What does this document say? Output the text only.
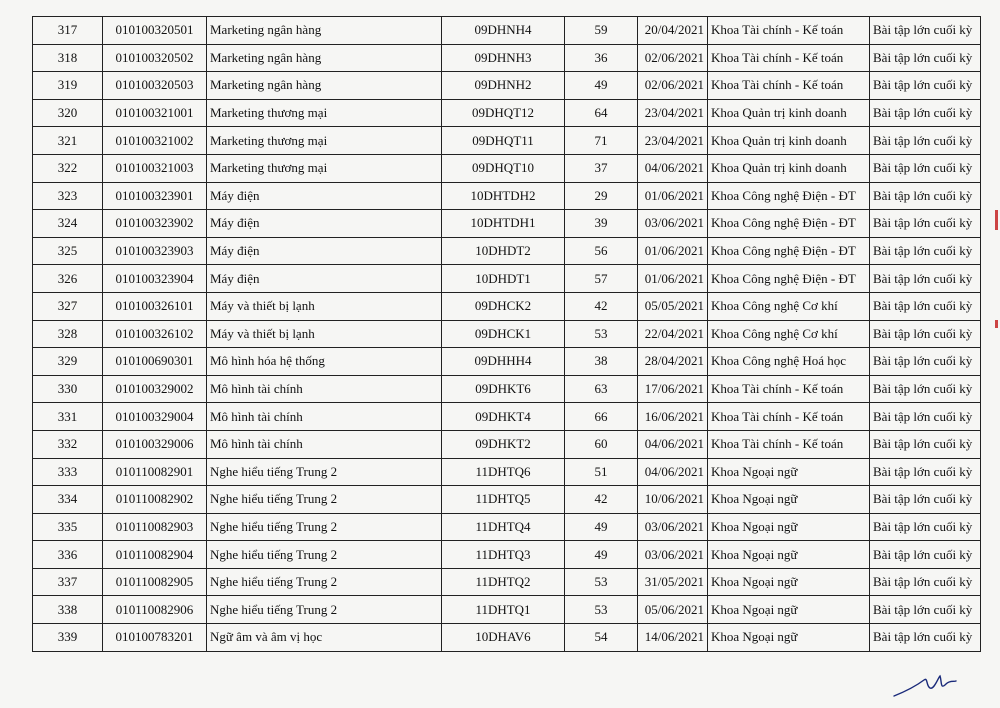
317	010100320501	Marketing ngân hàng	09DHNH4	59	20/04/2021	Khoa Tài chính - Kế toán	Bài tập lớn cuối kỳ
318	010100320502	Marketing ngân hàng	09DHNH3	36	02/06/2021	Khoa Tài chính - Kế toán	Bài tập lớn cuối kỳ
319	010100320503	Marketing ngân hàng	09DHNH2	49	02/06/2021	Khoa Tài chính - Kế toán	Bài tập lớn cuối kỳ
320	010100321001	Marketing thương mại	09DHQT12	64	23/04/2021	Khoa Quản trị kinh doanh	Bài tập lớn cuối kỳ
321	010100321002	Marketing thương mại	09DHQT11	71	23/04/2021	Khoa Quản trị kinh doanh	Bài tập lớn cuối kỳ
322	010100321003	Marketing thương mại	09DHQT10	37	04/06/2021	Khoa Quản trị kinh doanh	Bài tập lớn cuối kỳ
323	010100323901	Máy điện	10DHTDH2	29	01/06/2021	Khoa Công nghệ Điện - ĐT	Bài tập lớn cuối kỳ
324	010100323902	Máy điện	10DHTDH1	39	03/06/2021	Khoa Công nghệ Điện - ĐT	Bài tập lớn cuối kỳ
325	010100323903	Máy điện	10DHDT2	56	01/06/2021	Khoa Công nghệ Điện - ĐT	Bài tập lớn cuối kỳ
326	010100323904	Máy điện	10DHDT1	57	01/06/2021	Khoa Công nghệ Điện - ĐT	Bài tập lớn cuối kỳ
327	010100326101	Máy và thiết bị lạnh	09DHCK2	42	05/05/2021	Khoa Công nghệ Cơ khí	Bài tập lớn cuối kỳ
328	010100326102	Máy và thiết bị lạnh	09DHCK1	53	22/04/2021	Khoa Công nghệ Cơ khí	Bài tập lớn cuối kỳ
329	010100690301	Mô hình hóa hệ thống	09DHHH4	38	28/04/2021	Khoa Công nghệ Hoá học	Bài tập lớn cuối kỳ
330	010100329002	Mô hình tài chính	09DHKT6	63	17/06/2021	Khoa Tài chính - Kế toán	Bài tập lớn cuối kỳ
331	010100329004	Mô hình tài chính	09DHKT4	66	16/06/2021	Khoa Tài chính - Kế toán	Bài tập lớn cuối kỳ
332	010100329006	Mô hình tài chính	09DHKT2	60	04/06/2021	Khoa Tài chính - Kế toán	Bài tập lớn cuối kỳ
333	010110082901	Nghe hiểu tiếng Trung 2	11DHTQ6	51	04/06/2021	Khoa Ngoại ngữ	Bài tập lớn cuối kỳ
334	010110082902	Nghe hiểu tiếng Trung 2	11DHTQ5	42	10/06/2021	Khoa Ngoại ngữ	Bài tập lớn cuối kỳ
335	010110082903	Nghe hiểu tiếng Trung 2	11DHTQ4	49	03/06/2021	Khoa Ngoại ngữ	Bài tập lớn cuối kỳ
336	010110082904	Nghe hiểu tiếng Trung 2	11DHTQ3	49	03/06/2021	Khoa Ngoại ngữ	Bài tập lớn cuối kỳ
337	010110082905	Nghe hiểu tiếng Trung 2	11DHTQ2	53	31/05/2021	Khoa Ngoại ngữ	Bài tập lớn cuối kỳ
338	010110082906	Nghe hiểu tiếng Trung 2	11DHTQ1	53	05/06/2021	Khoa Ngoại ngữ	Bài tập lớn cuối kỳ
339	010100783201	Ngữ âm và âm vị học	10DHAV6	54	14/06/2021	Khoa Ngoại ngữ	Bài tập lớn cuối kỳ
